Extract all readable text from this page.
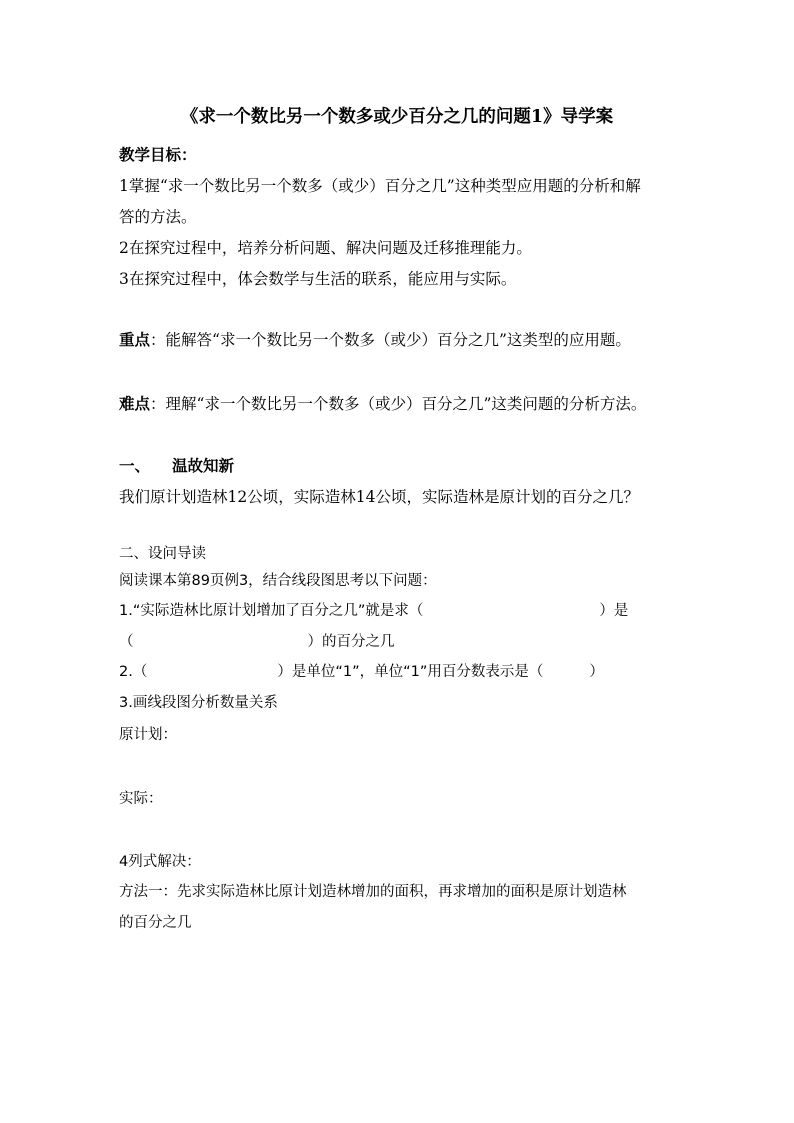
《求一个数比另一个数多或少百分之几的问题1》导学案
教学目标：
1掌握“求一个数比另一个数多（或少）百分之几”这种类型应用题的分析和解
答的方法。
2在探究过程中，培养分析问题、解决问题及迁移推理能力。
3在探究过程中，体会数学与生活的联系，能应用与实际。
重点：能解答“求一个数比另一个数多（或少）百分之几”这类型的应用题。
难点：理解“求一个数比另一个数多（或少）百分之几”这类问题的分析方法。
一、 温故知新
我们原计划造林12公顷，实际造林14公顷，实际造林是原计划的百分之几？
二、设问导读
阅读课本第89页例3，结合线段图思考以下问题：
1.“实际造林比原计划增加了百分之几”就是求（	）是
（	）的百分之几
2.（	）是单位“1”，单位“1”用百分数表示是（	）
3.画线段图分析数量关系
原计划：
实际：
4列式解决：
方法一：先求实际造林比原计划造林增加的面积，再求增加的面积是原计划造林
的百分之几
